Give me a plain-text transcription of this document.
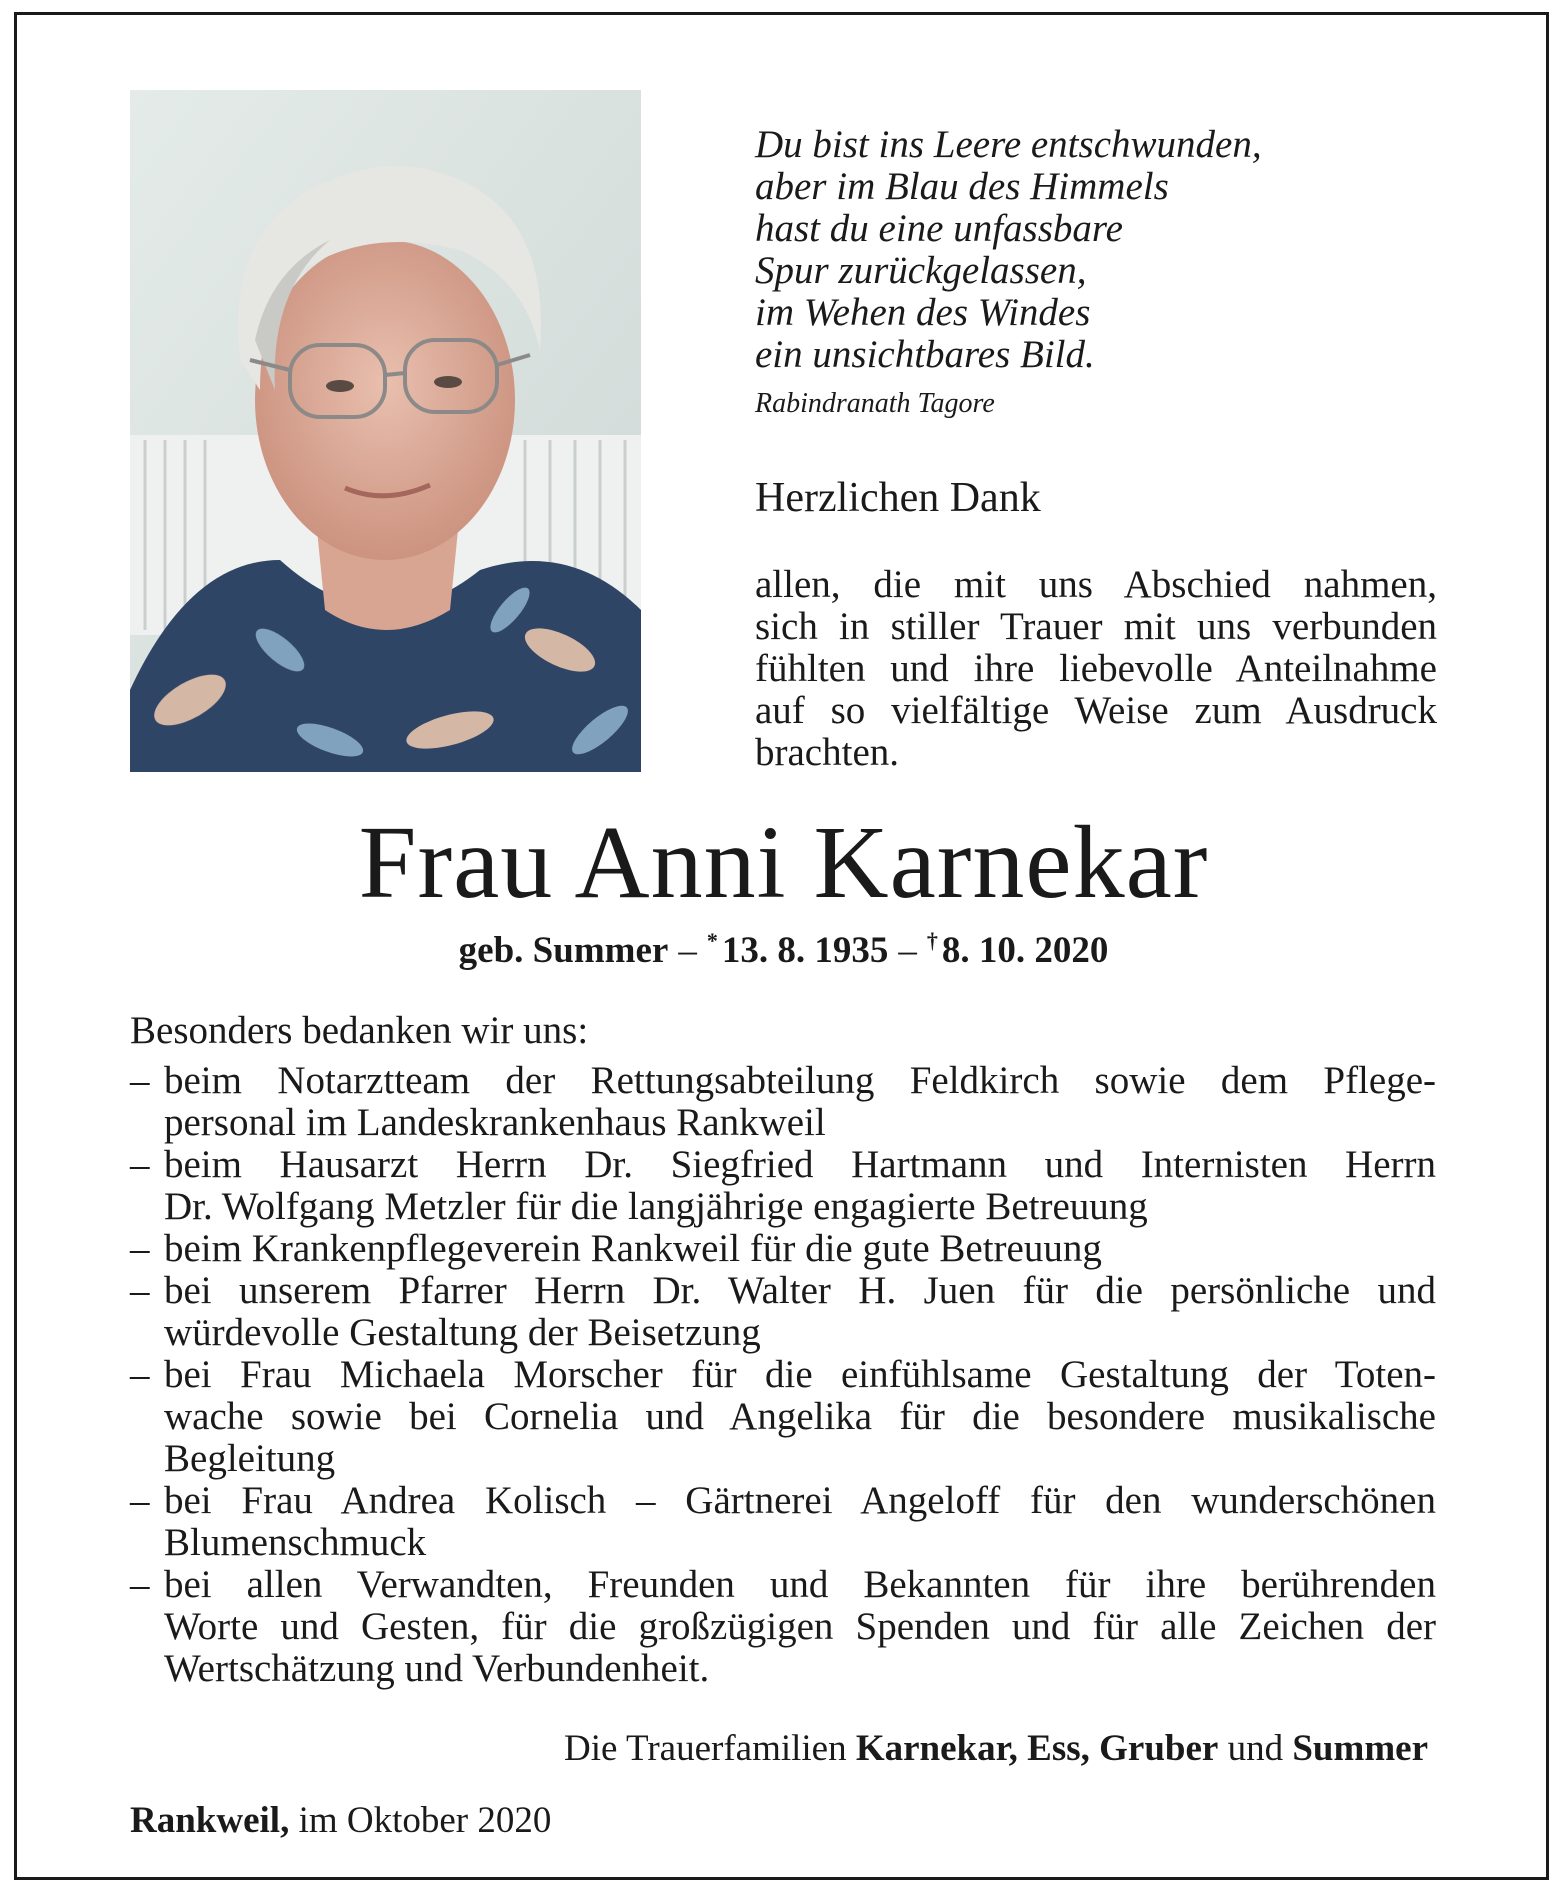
Du bist ins Leere entschwunden,
aber im Blau des Himmels
hast du eine unfassbare
Spur zurückgelassen,
im Wehen des Windes
ein unsichtbares Bild.
Rabindranath Tagore
Herzlichen Dank
allen, die mit uns Abschied nahmen,
sich in stiller Trauer mit uns verbunden
fühlten und ihre liebevolle Anteilnahme
auf so vielfältige Weise zum Ausdruck
brachten.
Frau Anni Karnekar
geb. Summer – * 13. 8. 1935 – † 8. 10. 2020
Besonders bedanken wir uns:
– beim Notarztteam der Rettungsabteilung Feldkirch sowie dem Pflege-
personal im Landeskrankenhaus Rankweil
– beim Hausarzt Herrn Dr. Siegfried Hartmann und Internisten Herrn
Dr. Wolfgang Metzler für die langjährige engagierte Betreuung
– beim Krankenpflegeverein Rankweil für die gute Betreuung
– bei unserem Pfarrer Herrn Dr. Walter H. Juen für die persönliche und
würdevolle Gestaltung der Beisetzung
– bei Frau Michaela Morscher für die einfühlsame Gestaltung der Toten-
wache sowie bei Cornelia und Angelika für die besondere musikalische
Begleitung
– bei Frau Andrea Kolisch – Gärtnerei Angeloff für den wunderschönen
Blumenschmuck
– bei allen Verwandten, Freunden und Bekannten für ihre berührenden
Worte und Gesten, für die großzügigen Spenden und für alle Zeichen der
Wertschätzung und Verbundenheit.
Die Trauerfamilien Karnekar, Ess, Gruber und Summer
Rankweil, im Oktober 2020
